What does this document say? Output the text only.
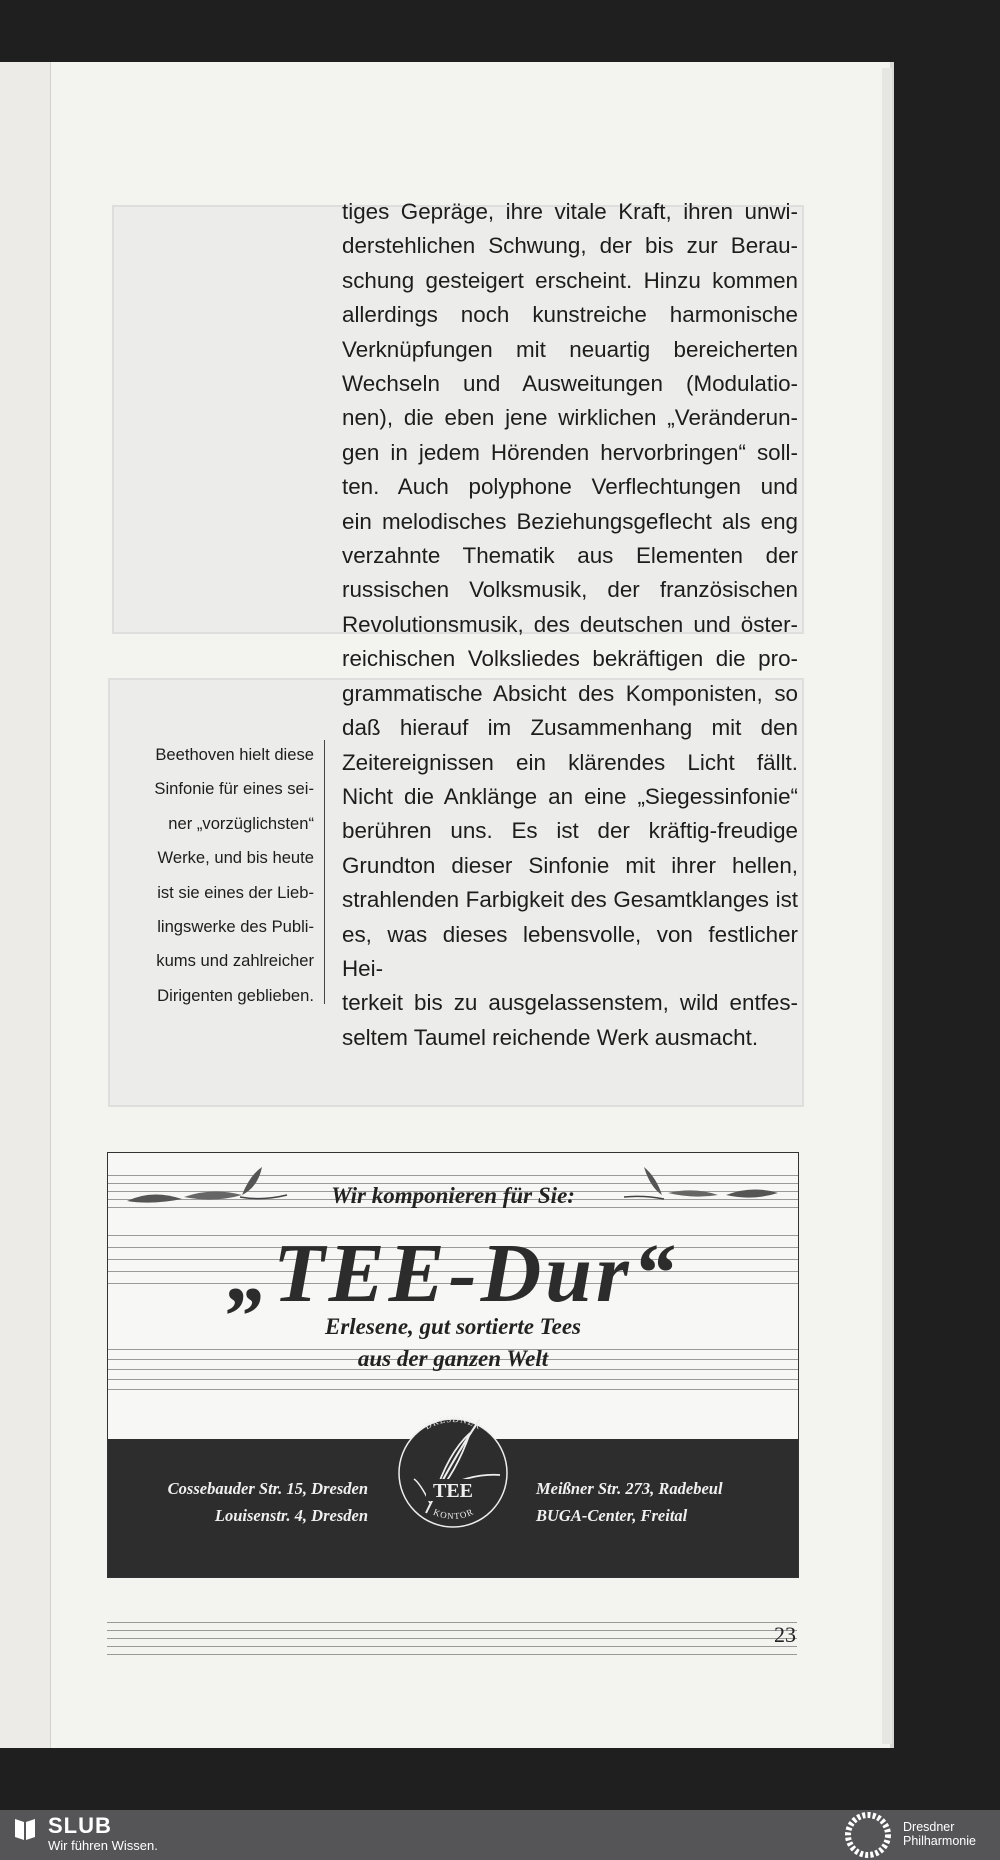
tiges Gepräge, ihre vitale Kraft, ihren unwi-
derstehlichen Schwung, der bis zur Berau-
schung gesteigert erscheint. Hinzu kommen
allerdings noch kunstreiche harmonische
Verknüpfungen mit neuartig bereicherten
Wechseln und Ausweitungen (Modulatio-
nen), die eben jene wirklichen „Veränderun-
gen in jedem Hörenden hervorbringen“ soll-
ten. Auch polyphone Verflechtungen und
ein melodisches Beziehungsgeflecht als eng
verzahnte Thematik aus Elementen der
russischen Volksmusik, der französischen
Revolutionsmusik, des deutschen und öster-
reichischen Volksliedes bekräftigen die pro-
grammatische Absicht des Komponisten, so
daß hierauf im Zusammenhang mit den
Zeitereignissen ein klärendes Licht fällt.
Nicht die Anklänge an eine „Siegessinfonie“
berühren uns. Es ist der kräftig-freudige
Grundton dieser Sinfonie mit ihrer hellen,
strahlenden Farbigkeit des Gesamtklanges ist
es, was dieses lebensvolle, von festlicher Hei-
terkeit bis zu ausgelassenstem, wild entfes-
seltem Taumel reichende Werk ausmacht.
Beethoven hielt diese
Sinfonie für eines sei-
ner „vorzüglichsten“
Werke, und bis heute
ist sie eines der Lieb-
lingswerke des Publi-
kums und zahlreicher
Dirigenten geblieben.
Wir komponieren für Sie:
„TEE-Dur“
Erlesene, gut sortierte Tees
aus der ganzen Welt
Cossebauder Str. 15, Dresden
Louisenstr. 4, Dresden
Meißner Str. 273, Radebeul
BUGA-Center, Freital
DRESDNER
TEE
KONTOR
23
SLUB
Wir führen Wissen.
Dresdner
Philharmonie
